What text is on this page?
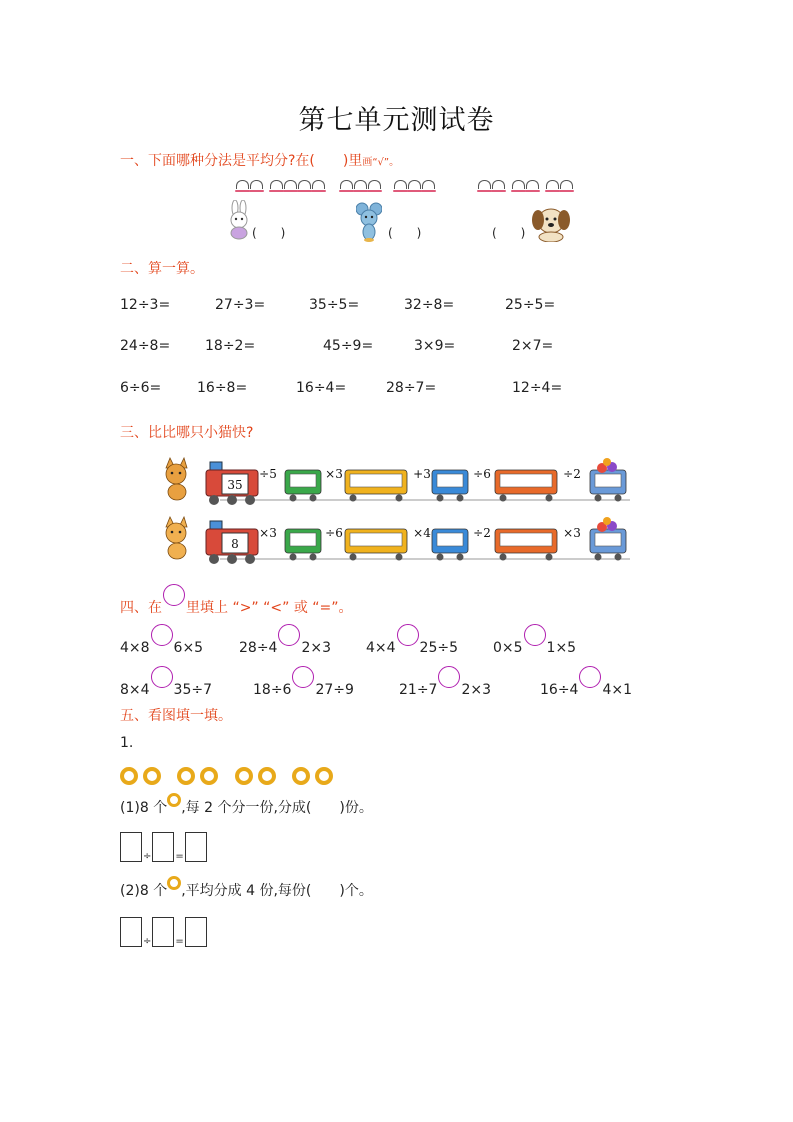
第七单元测试卷
一、下面哪种分法是平均分?在(　　)里画“√”。
(　　)	(　　)	(　　)
二、算一算。
12÷3=	27÷3=	35÷5=	32÷8=	25÷5=
24÷8= 18÷2=	45÷9=	3×9=	2×7=
6÷6=	16÷8=	16÷4=	28÷7=	12÷4=
三、比比哪只小猫快?
35
÷5	×3	+3	÷6	÷2
8
×3	÷6	×4	÷2	×3
四、在 里填上 “>” “<” 或 “=”。
4×8 6×5	28÷4 2×3	4×4 25÷5	0×5 1×5
8×4 35÷7	18÷6 27÷9	21÷7 2×3	16÷4 4×1
五、看图填一填。
1.

(1)8 个 ,每 2 个分一份,分成(　　)份。
÷ =
(2)8 个 ,平均分成 4 份,每份(　　)个。
÷ =
